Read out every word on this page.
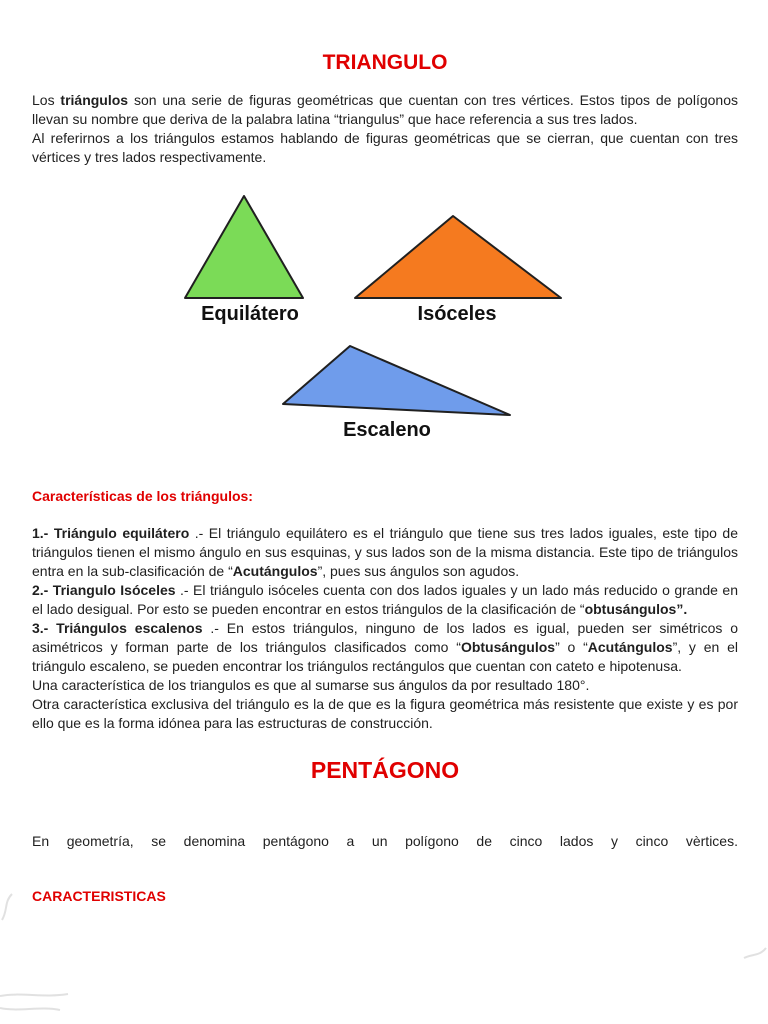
TRIANGULO

Los triángulos son una serie de figuras geométricas que cuentan con tres vértices. Estos tipos de polígonos llevan su nombre que deriva de la palabra latina “triangulus” que hace referencia a sus tres lados.

Al referirnos a los triángulos estamos hablando de figuras geométricas que se cierran, que cuentan con tres vértices y tres lados respectivamente.

Equilátero	Isóceles
Escaleno
Características de los triángulos:

1.- Triángulo equilátero .- El triángulo equilátero es el triángulo que tiene sus tres lados iguales, este tipo de triángulos tienen el mismo ángulo en sus esquinas, y sus lados son de la misma distancia. Este tipo de triángulos entra en la sub-clasificación de “Acutángulos”, pues sus ángulos son agudos.

2.- Triangulo Isóceles .- El triángulo isóceles cuenta con dos lados iguales y un lado más reducido o grande en el lado desigual. Por esto se pueden encontrar en estos triángulos de la clasificación de “obtusángulos”.

3.- Triángulos escalenos .- En estos triángulos, ninguno de los lados es igual, pueden ser simétricos o asimétricos y forman parte de los triángulos clasificados como “Obtusángulos” o “Acutángulos”, y en el triángulo escaleno, se pueden encontrar los triángulos rectángulos que cuentan con cateto e hipotenusa.

Una característica de los triangulos es que al sumarse sus ángulos da por resultado 180°.

Otra característica exclusiva del triángulo es la de que es la figura geométrica más resistente que existe y es por ello que es la forma idónea para las estructuras de construcción.

PENTÁGONO

En geometría, se denomina pentágono a un polígono de cinco lados y cinco vèrtices.

CARACTERISTICAS
